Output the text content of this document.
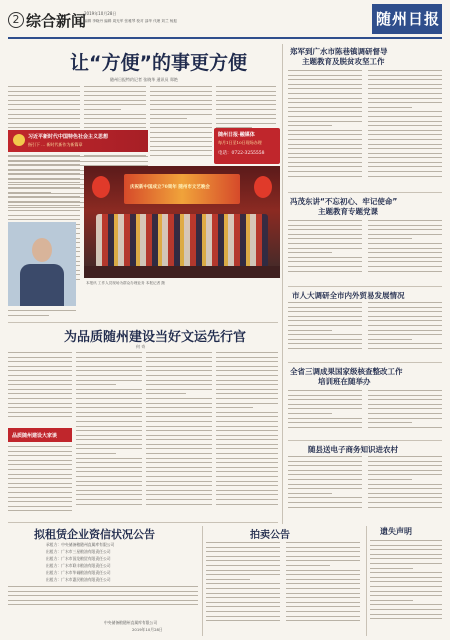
2 综合新闻
2019年10月28日
编辑 李晓丹 编辑 周光军 张雅琴 校对 邵华 代理 刘兰 杨振	随州日报
让“方便”的事更方便
随州日报特约记者 张晓华 通讯员 郑艳
习近平新时代中国特色社会主义思想
指引下 … 新时代新作为新篇章
随州日报·融媒体
每月1日至10日现场办理
电话：0722-3255558
庆祝新中国成立70周年 随州市文艺晚会
本报讯 工作人员现场为群众办理业务 本报记者 摄
为品质随州建设当好文运先行官
何 奇
品质随州建设大家谈
拟租赁企业资信状况公告
承租方：中央储备粮随州直属库有限公司
出租方：广水市三星粮油有限责任公司
出租方：广水市国龙粮贸有限责任公司
出租方：广水市联丰粮油有限责任公司
出租方：广水市华诚粮油有限责任公司
出租方：广水市惠民粮油有限责任公司
中央储备粮随州直属库有限公司
2019年10月28日
郑军到广水市陈巷镇调研督导
主题教育及脱贫攻坚工作
冯茂东讲“不忘初心、牢记使命”
主题教育专题党课
市人大调研全市内外贸易发展情况
全省三调成果国家级核查整改工作
培训班在随举办
随县送电子商务知识进农村
拍卖公告	遗失声明
